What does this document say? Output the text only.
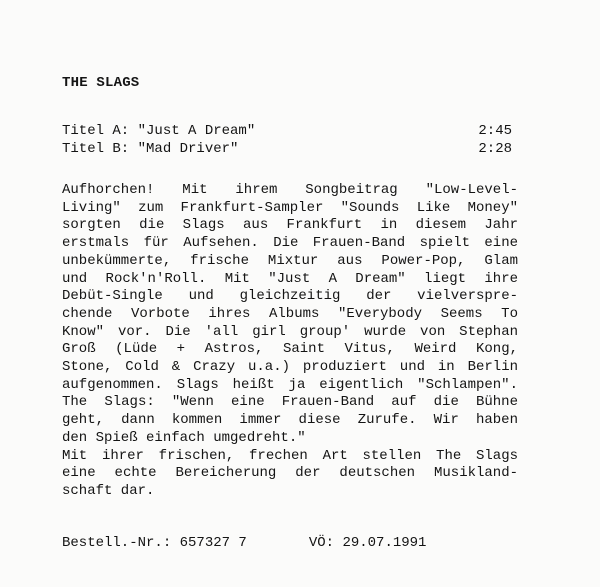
THE SLAGS
Titel A: "Just A Dream"	2:45
Titel B: "Mad Driver"	2:28
Aufhorchen! Mit ihrem Songbeitrag "Low-Level-
Living" zum Frankfurt-Sampler "Sounds Like Money"
sorgten die Slags aus Frankfurt in diesem Jahr
erstmals für Aufsehen. Die Frauen-Band spielt eine
unbekümmerte, frische Mixtur aus Power-Pop, Glam
und Rock'n'Roll. Mit "Just A Dream" liegt ihre
Debüt-Single und gleichzeitig der vielverspre-
chende Vorbote ihres Albums "Everybody Seems To
Know" vor. Die 'all girl group' wurde von Stephan
Groß (Lüde + Astros, Saint Vitus, Weird Kong,
Stone, Cold & Crazy u.a.) produziert und in Berlin
aufgenommen. Slags heißt ja eigentlich "Schlampen".
The Slags: "Wenn eine Frauen-Band auf die Bühne
geht, dann kommen immer diese Zurufe. Wir haben
den Spieß einfach umgedreht."
Mit ihrer frischen, frechen Art stellen The Slags
eine echte Bereicherung der deutschen Musikland-
schaft dar.
Bestell.-Nr.: 657327 7	VÖ: 29.07.1991
